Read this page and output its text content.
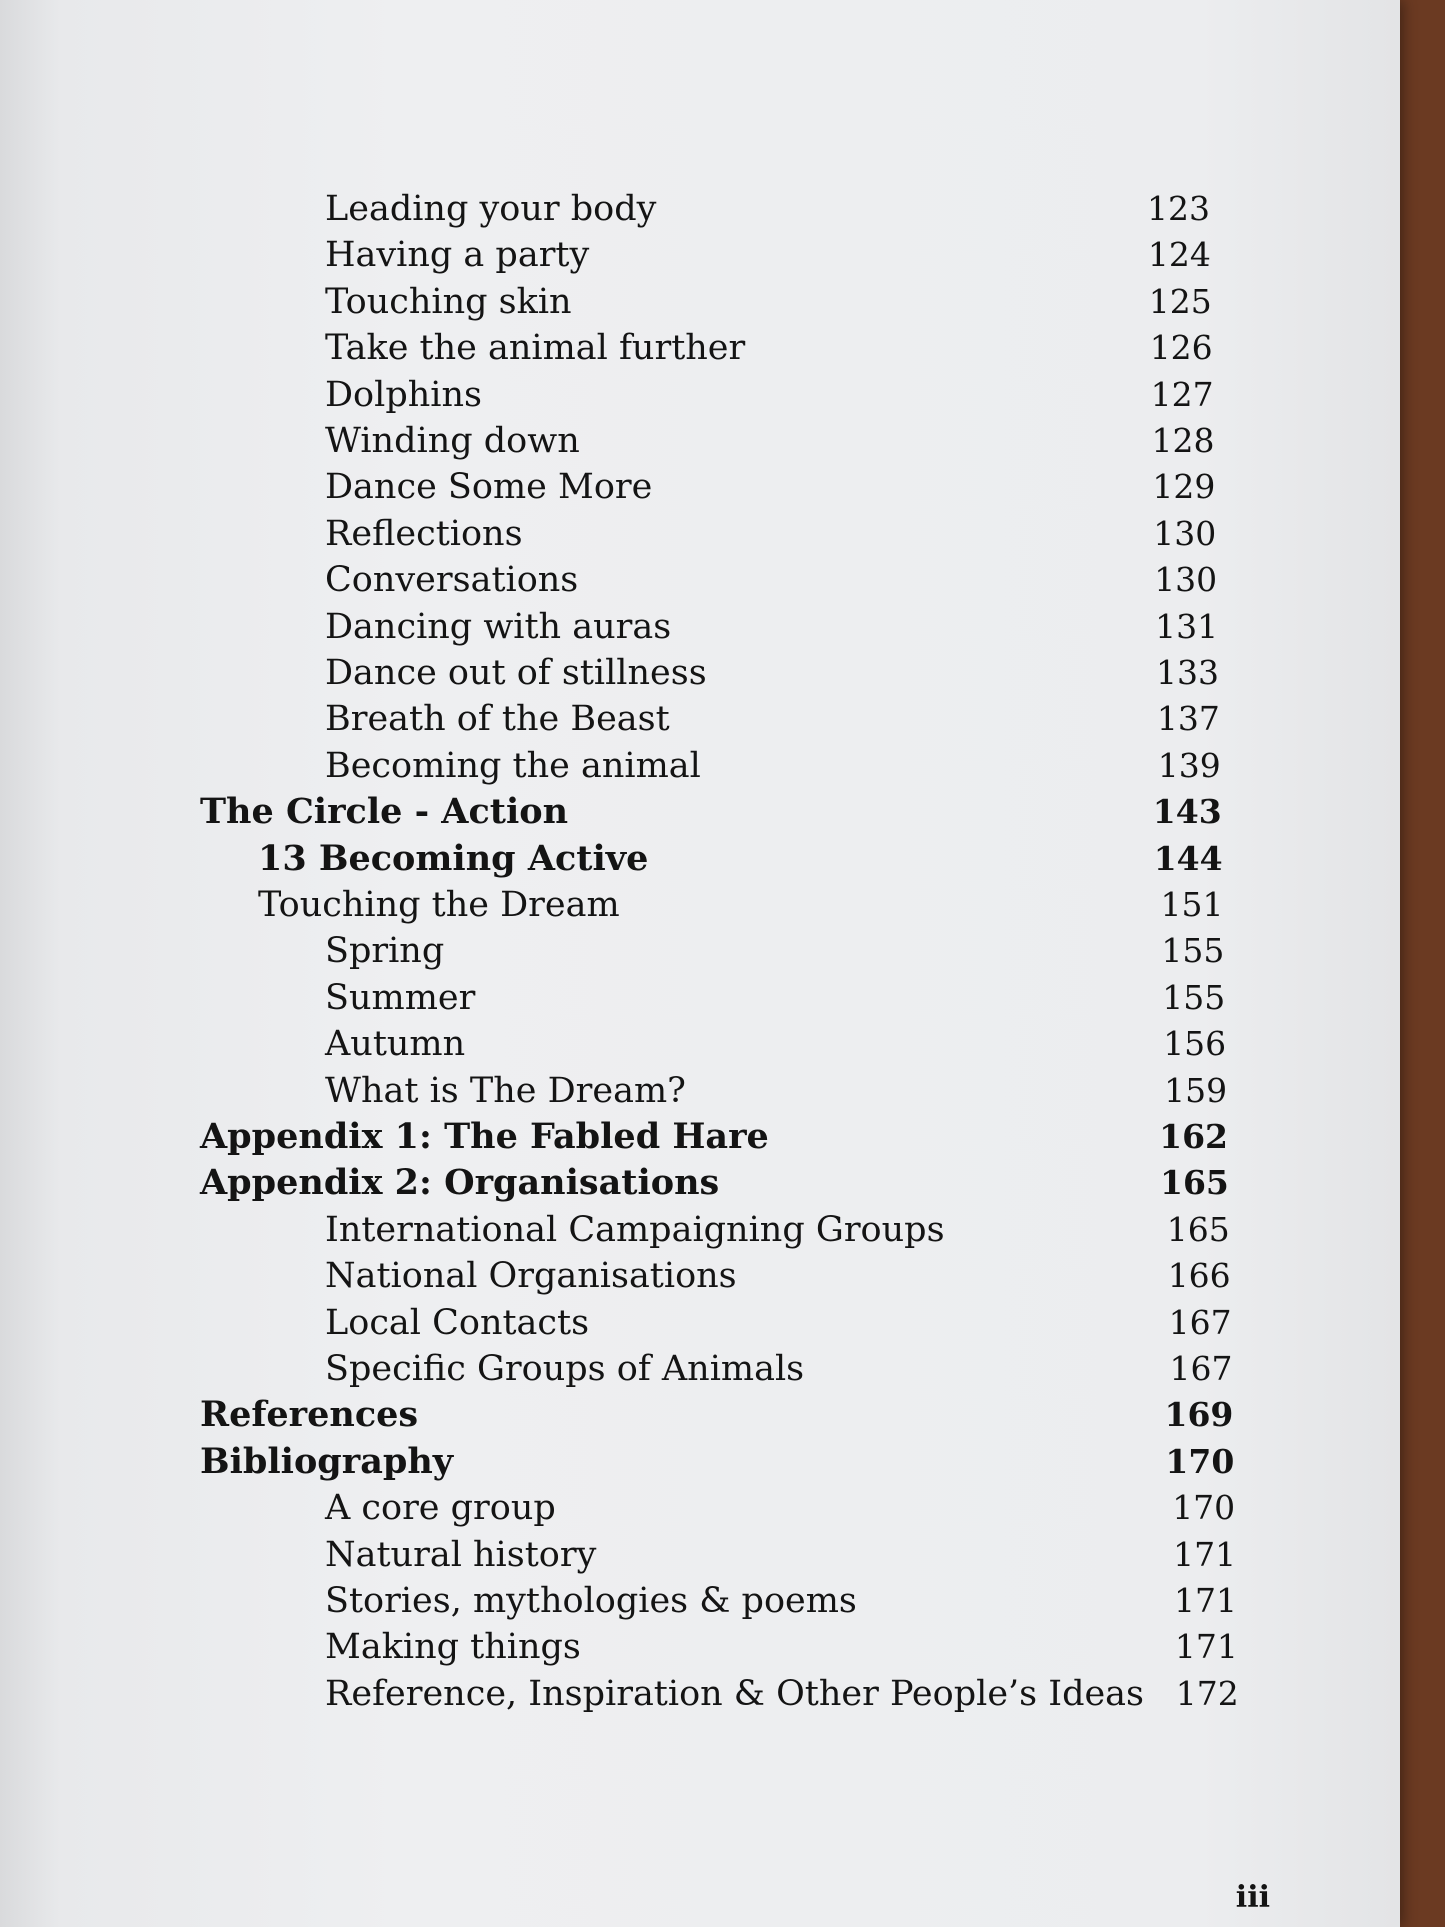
Leading your body	123
Having a party	124
Touching skin	125
Take the animal further	126
Dolphins	127
Winding down	128
Dance Some More	129
Reflections	130
Conversations	130
Dancing with auras	131
Dance out of stillness	133
Breath of the Beast	137
Becoming the animal	139
The Circle - Action	143
13 Becoming Active	144
Touching the Dream	151
Spring	155
Summer	155
Autumn	156
What is The Dream?	159
Appendix 1: The Fabled Hare	162
Appendix 2: Organisations	165
International Campaigning Groups	165
National Organisations	166
Local Contacts	167
Specific Groups of Animals	167
References	169
Bibliography	170
A core group	170
Natural history	171
Stories, mythologies & poems	171
Making things	171
Reference, Inspiration & Other People’s Ideas 172
iii
